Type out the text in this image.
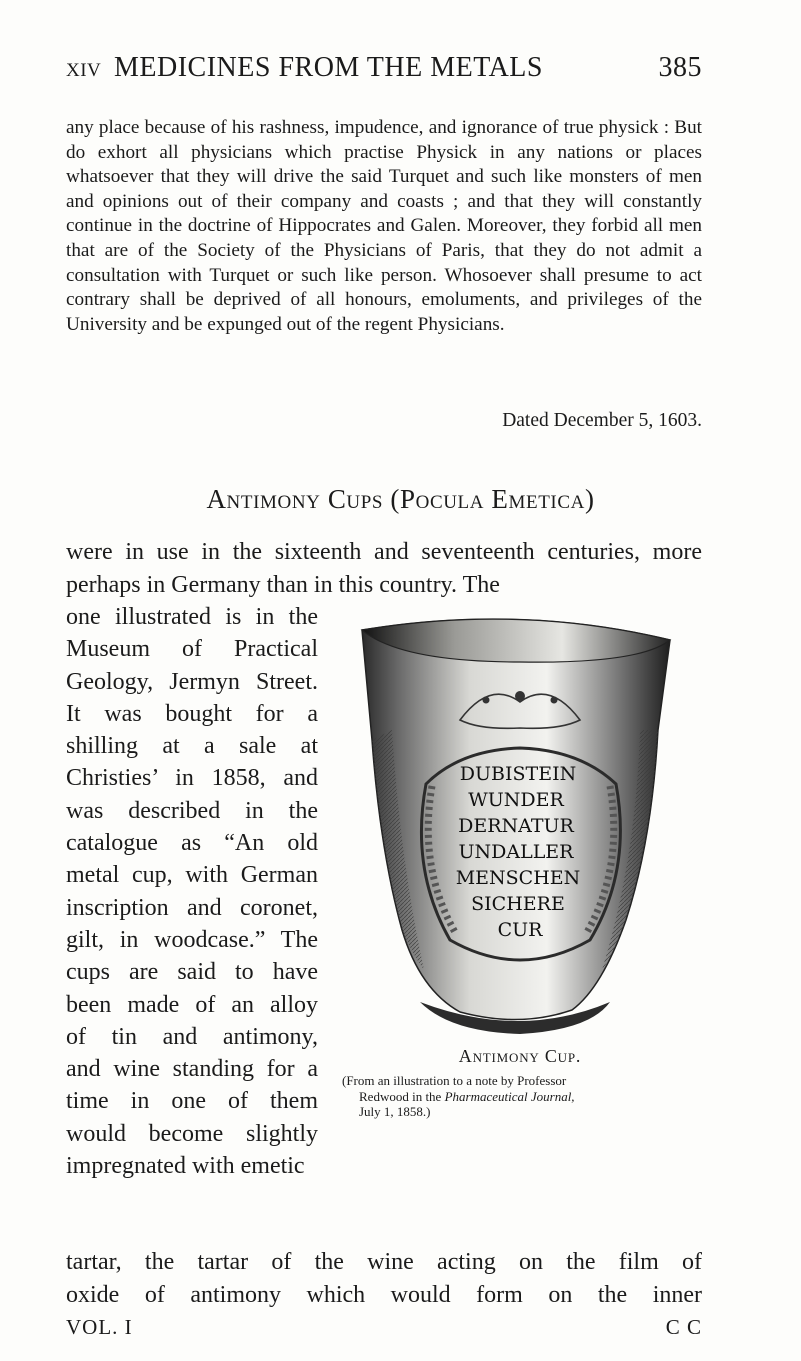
XIV MEDICINES FROM THE METALS	385

any place because of his rashness, impudence, and ignorance of true physick : But do exhort all physicians which practise Physick in any nations or places whatsoever that they will drive the said Turquet and such like monsters of men and opinions out of their company and coasts ; and that they will constantly continue in the doctrine of Hippocrates and Galen. Moreover, they forbid all men that are of the Society of the Physicians of Paris, that they do not admit a consultation with Turquet or such like person. Whosoever shall presume to act contrary shall be deprived of all honours, emoluments, and privileges of the University and be expunged out of the regent Physicians.

Dated December 5, 1603.
Antimony Cups (Pocula Emetica)

were in use in the sixteenth and seventeenth centuries, more perhaps in Germany than in this country. The

one illustrated is in the
Museum of Practical
Geology, Jermyn Street.
It was bought for a
shilling at a sale at
Christies’ in 1858, and
was described in the
catalogue as “An old
metal cup, with German
inscription and coronet,
gilt, in woodcase.” The
cups are said to have
been made of an alloy
of tin and antimony,
and wine standing for a
time in one of them
would become slightly
impregnated with emetic
DUBISTEIN
WUNDER
DERNATUR
UNDALLER
MENSCHEN
SICHERE
CUR
Antimony Cup.
(From an illustration to a note by Professor
Redwood in the Pharmaceutical Journal,
July 1, 1858.)
tartar, the tartar of the wine acting on the film of
oxide of antimony which would form on the inner
VOL. I	C C
